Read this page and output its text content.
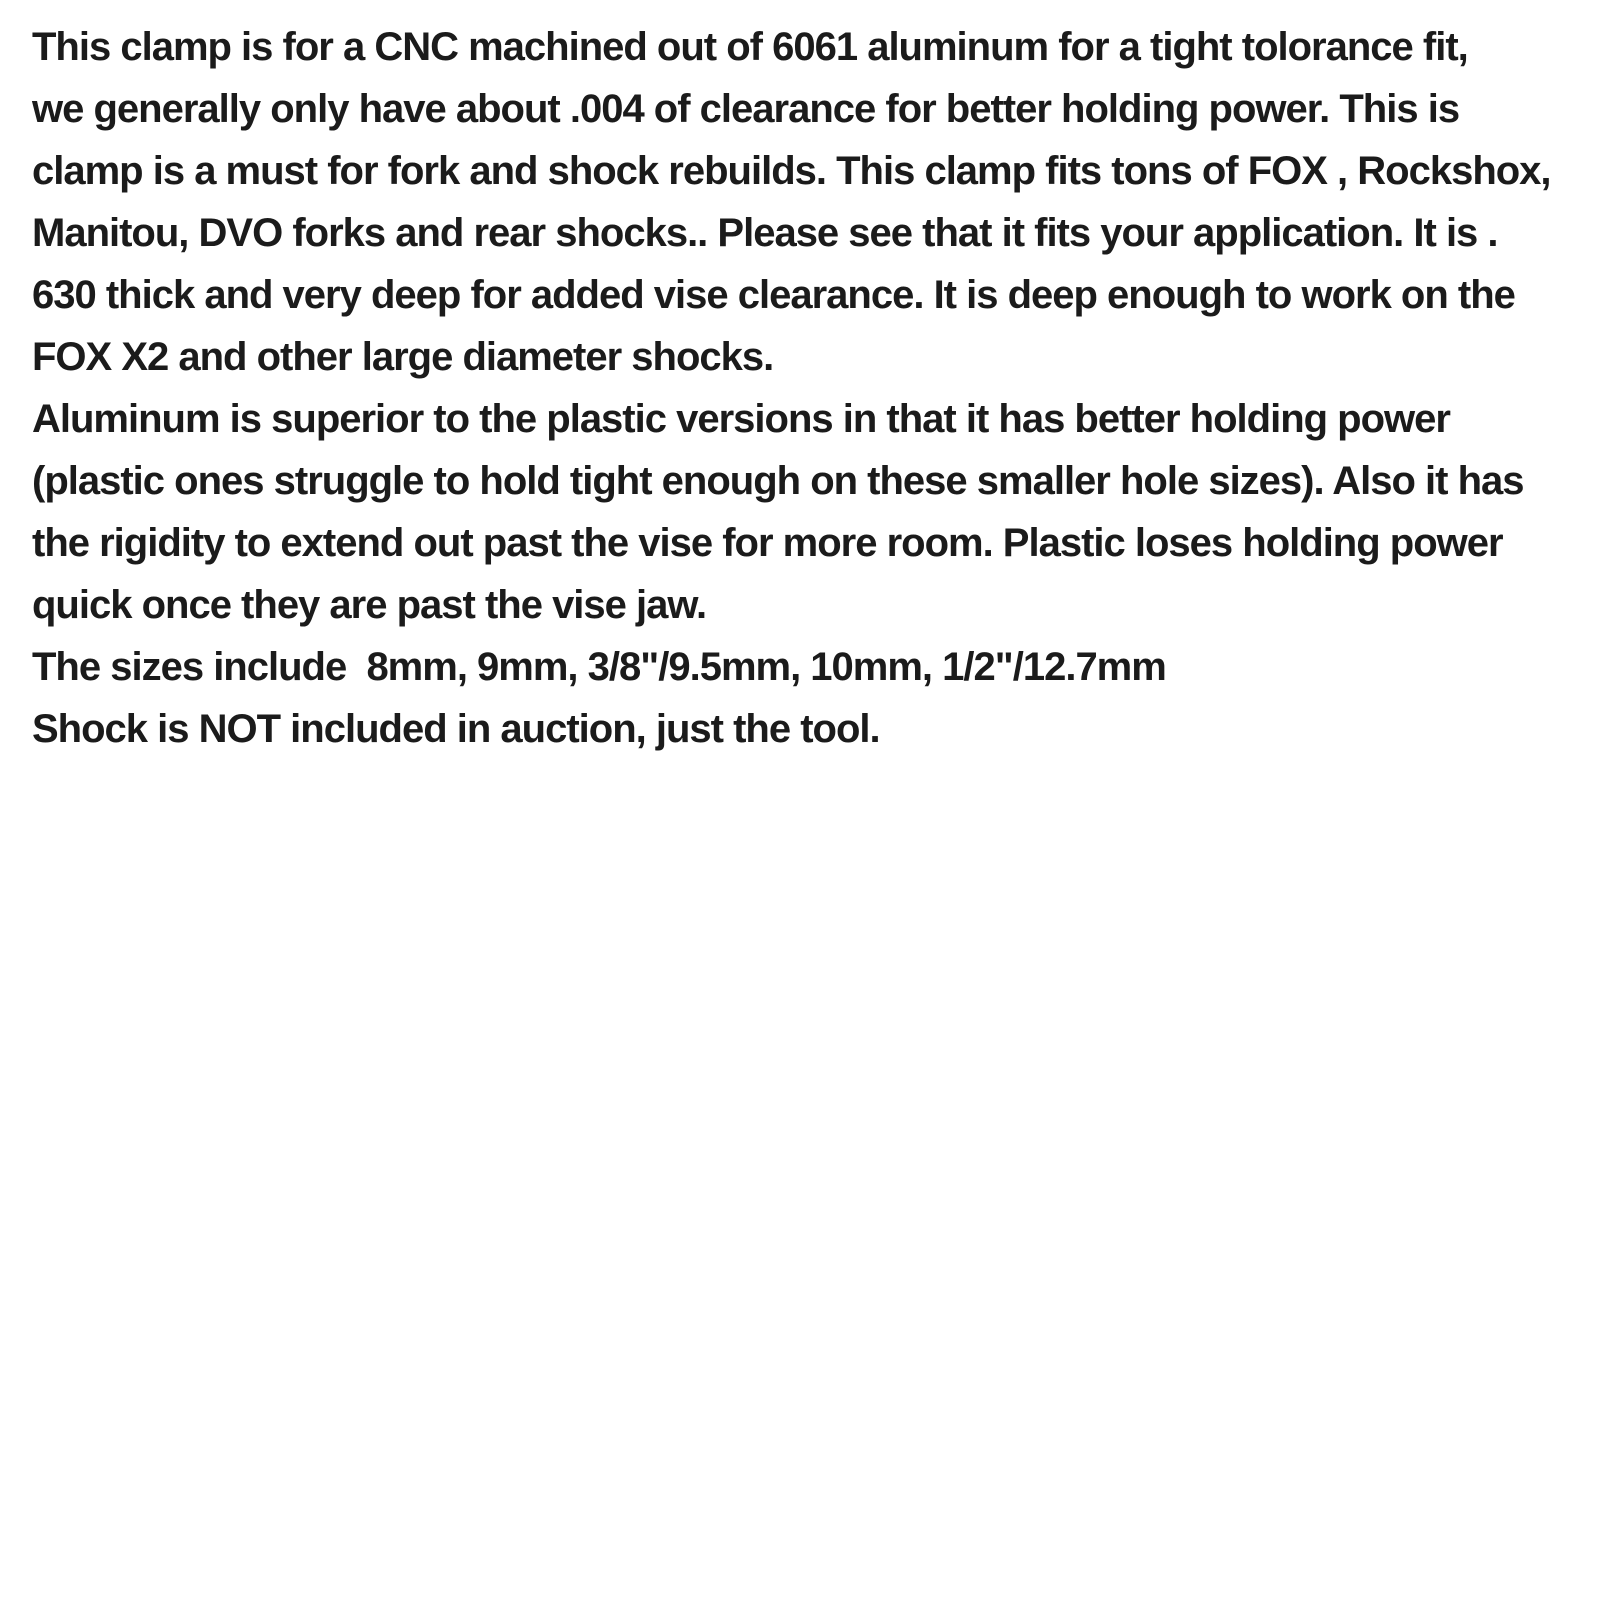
This clamp is for a CNC machined out of 6061 aluminum for a tight tolorance fit,
we generally only have about .004 of clearance for better holding power. This is
clamp is a must for fork and shock rebuilds. This clamp fits tons of FOX , Rockshox,
Manitou, DVO forks and rear shocks.. Please see that it fits your application. It is .
630 thick and very deep for added vise clearance. It is deep enough to work on the
FOX X2 and other large diameter shocks.
Aluminum is superior to the plastic versions in that it has better holding power
(plastic ones struggle to hold tight enough on these smaller hole sizes). Also it has
the rigidity to extend out past the vise for more room. Plastic loses holding power
quick once they are past the vise jaw.
The sizes include  8mm, 9mm, 3/8"/9.5mm, 10mm, 1/2"/12.7mm
Shock is NOT included in auction, just the tool.
